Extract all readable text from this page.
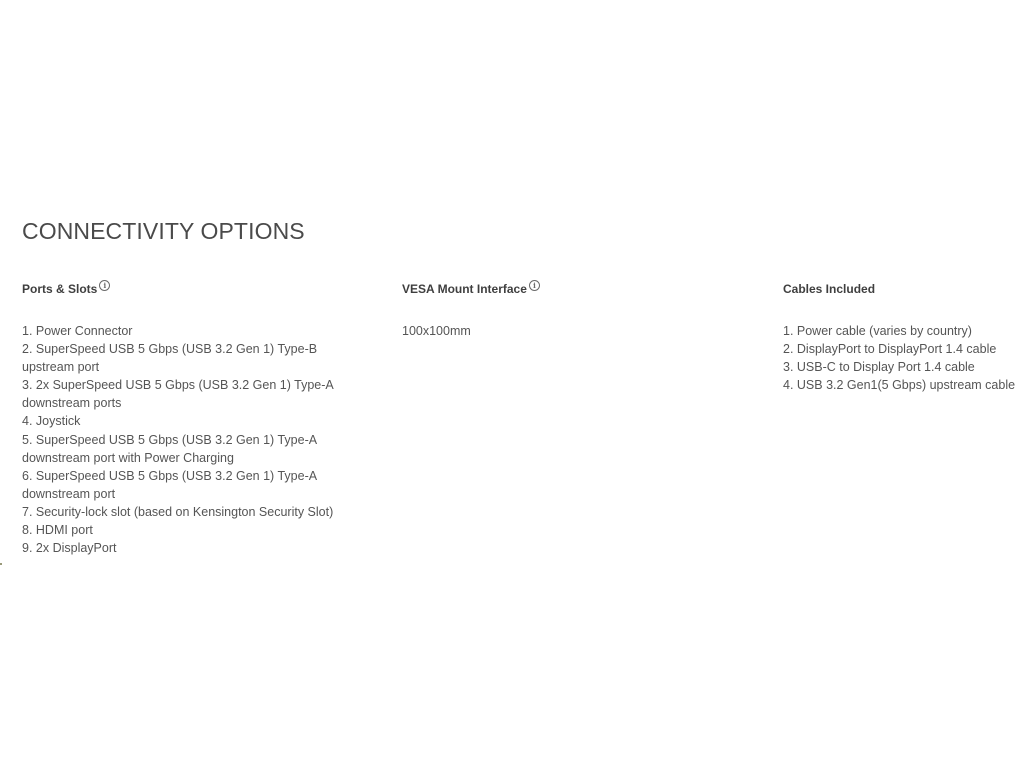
CONNECTIVITY OPTIONS
Ports & Slots i
1. Power Connector
2. SuperSpeed USB 5 Gbps (USB 3.2 Gen 1) Type-B upstream port
3. 2x SuperSpeed USB 5 Gbps (USB 3.2 Gen 1) Type-A downstream ports
4. Joystick
5. SuperSpeed USB 5 Gbps (USB 3.2 Gen 1) Type-A downstream port with Power Charging
6. SuperSpeed USB 5 Gbps (USB 3.2 Gen 1) Type-A downstream port
7. Security-lock slot (based on Kensington Security Slot)
8. HDMI port
9. 2x DisplayPort
VESA Mount Interface i
100x100mm
Cables Included
1. Power cable (varies by country)
2. DisplayPort to DisplayPort 1.4 cable
3. USB-C to Display Port 1.4 cable
4. USB 3.2 Gen1(5 Gbps) upstream cable
